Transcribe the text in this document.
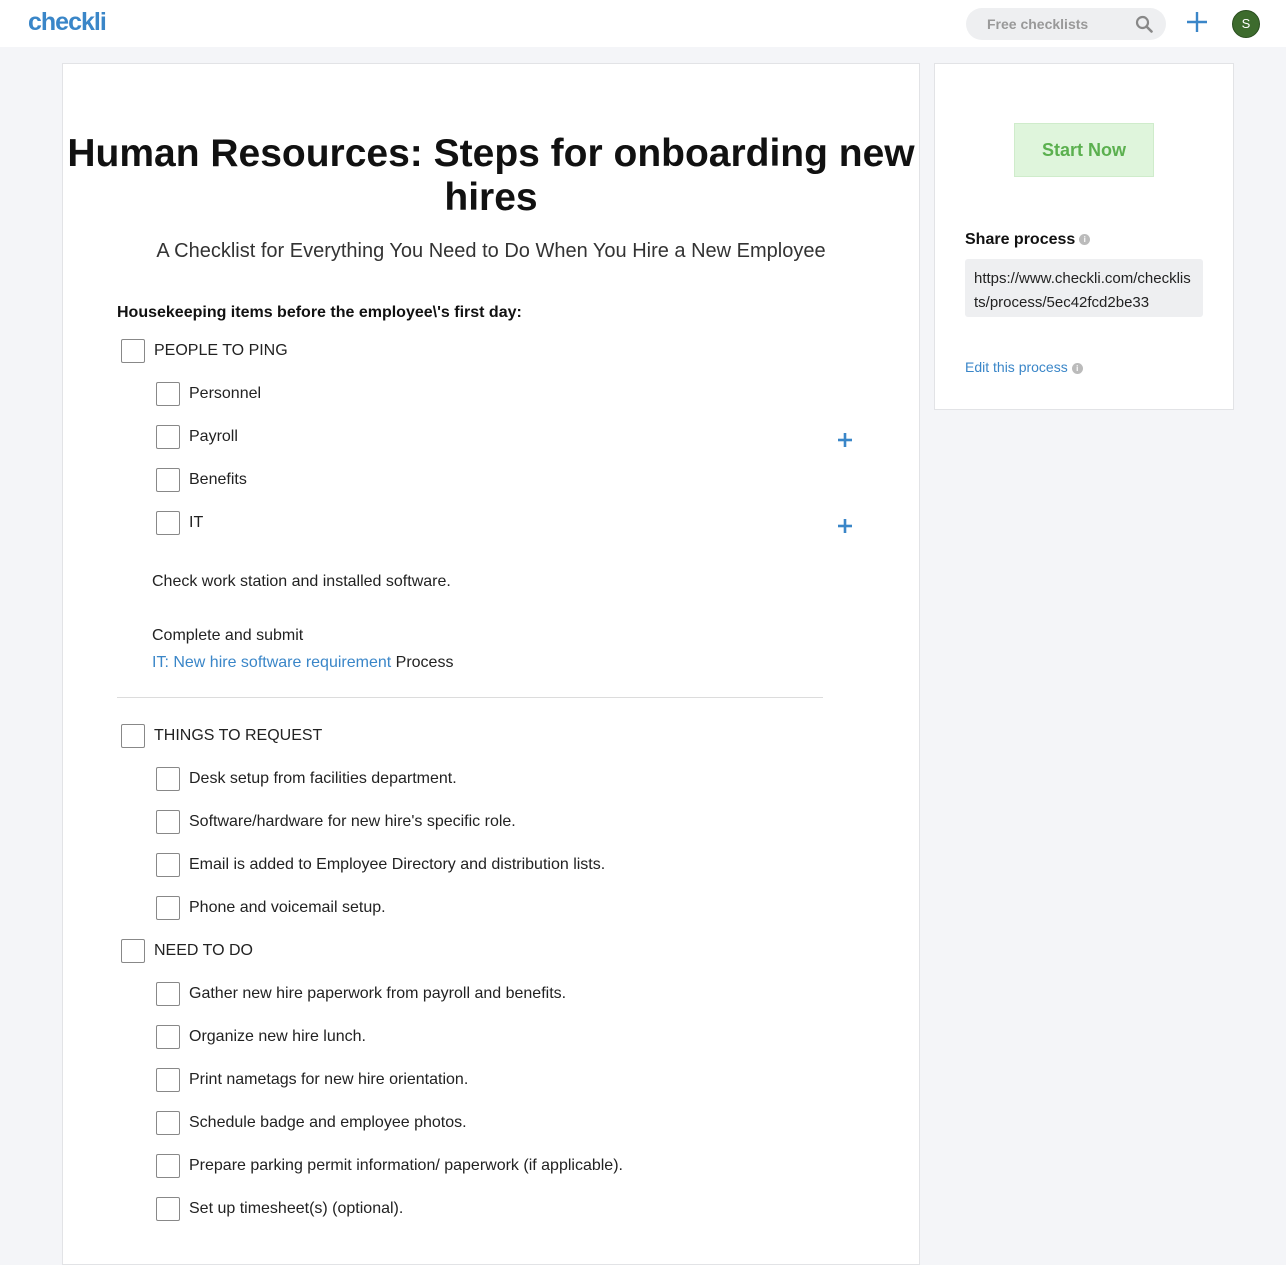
checkli	Free checklists	S
Human Resources: Steps for onboarding new hires
A Checklist for Everything You Need to Do When You Hire a New Employee
Housekeeping items before the employee\'s first day:
PEOPLE TO PING
Personnel
Payroll
Benefits
IT
Check work station and installed software.
Complete and submit
IT: New hire software requirement Process
THINGS TO REQUEST
Desk setup from facilities department.
Software/hardware for new hire's specific role.
Email is added to Employee Directory and distribution lists.
Phone and voicemail setup.
NEED TO DO
Gather new hire paperwork from payroll and benefits.
Organize new hire lunch.
Print nametags for new hire orientation.
Schedule badge and employee photos.
Prepare parking permit information/ paperwork (if applicable).
Set up timesheet(s) (optional).
Start Now
Share process i
https://www.checkli.com/checklists/process/5ec42fcd2be33
Edit this process i
